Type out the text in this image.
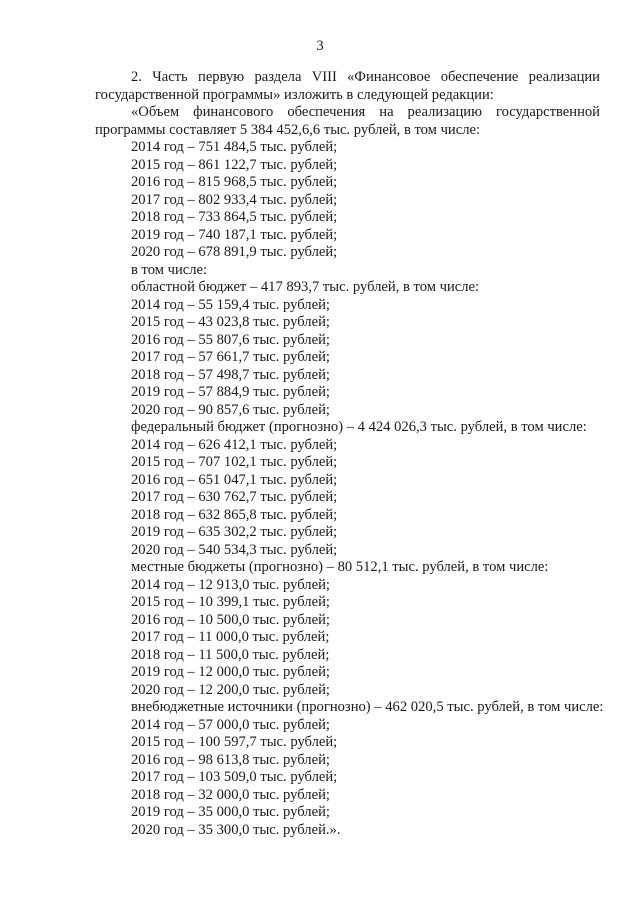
3

2. Часть первую раздела VIII «Финансовое обеспечение реализации государственной программы» изложить в следующей редакции:

«Объем финансового обеспечения на реализацию государственной программы составляет 5 384 452,6,6 тыс. рублей, в том числе:

2014 год – 751 484,5 тыс. рублей;

2015 год – 861 122,7 тыс. рублей;

2016 год – 815 968,5 тыс. рублей;

2017 год – 802 933,4 тыс. рублей;

2018 год – 733 864,5 тыс. рублей;

2019 год – 740 187,1 тыс. рублей;

2020 год – 678 891,9 тыс. рублей;

в том числе:

областной бюджет – 417 893,7 тыс. рублей, в том числе:

2014 год – 55 159,4 тыс. рублей;

2015 год – 43 023,8 тыс. рублей;

2016 год – 55 807,6 тыс. рублей;

2017 год – 57 661,7 тыс. рублей;

2018 год – 57 498,7 тыс. рублей;

2019 год – 57 884,9 тыс. рублей;

2020 год – 90 857,6 тыс. рублей;

федеральный бюджет (прогнозно) – 4 424 026,3 тыс. рублей, в том числе:

2014 год – 626 412,1 тыс. рублей;

2015 год – 707 102,1 тыс. рублей;

2016 год – 651 047,1 тыс. рублей;

2017 год – 630 762,7 тыс. рублей;

2018 год – 632 865,8 тыс. рублей;

2019 год – 635 302,2 тыс. рублей;

2020 год – 540 534,3 тыс. рублей;

местные бюджеты (прогнозно) – 80 512,1 тыс. рублей, в том числе:

2014 год – 12 913,0 тыс. рублей;

2015 год – 10 399,1 тыс. рублей;

2016 год – 10 500,0 тыс. рублей;

2017 год – 11 000,0 тыс. рублей;

2018 год – 11 500,0 тыс. рублей;

2019 год – 12 000,0 тыс. рублей;

2020 год – 12 200,0 тыс. рублей;

внебюджетные источники (прогнозно) – 462 020,5 тыс. рублей, в том числе:

2014 год – 57 000,0 тыс. рублей;

2015 год – 100 597,7 тыс. рублей;

2016 год – 98 613,8 тыс. рублей;

2017 год – 103 509,0 тыс. рублей;

2018 год – 32 000,0 тыс. рублей;

2019 год – 35 000,0 тыс. рублей;

2020 год – 35 300,0 тыс. рублей.».
